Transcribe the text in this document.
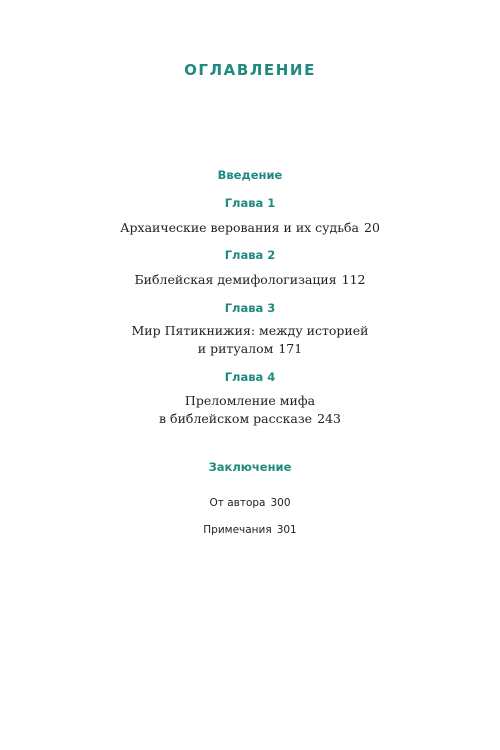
ОГЛАВЛЕНИЕ
Введение
Глава 1
Архаические верования и их судьба 20
Глава 2
Библейская демифологизация 112
Глава 3
Мир Пятикнижия: между историей
и ритуалом 171
Глава 4
Преломление мифа
в библейском рассказе 243
Заключение
От автора 300
Примечания 301
